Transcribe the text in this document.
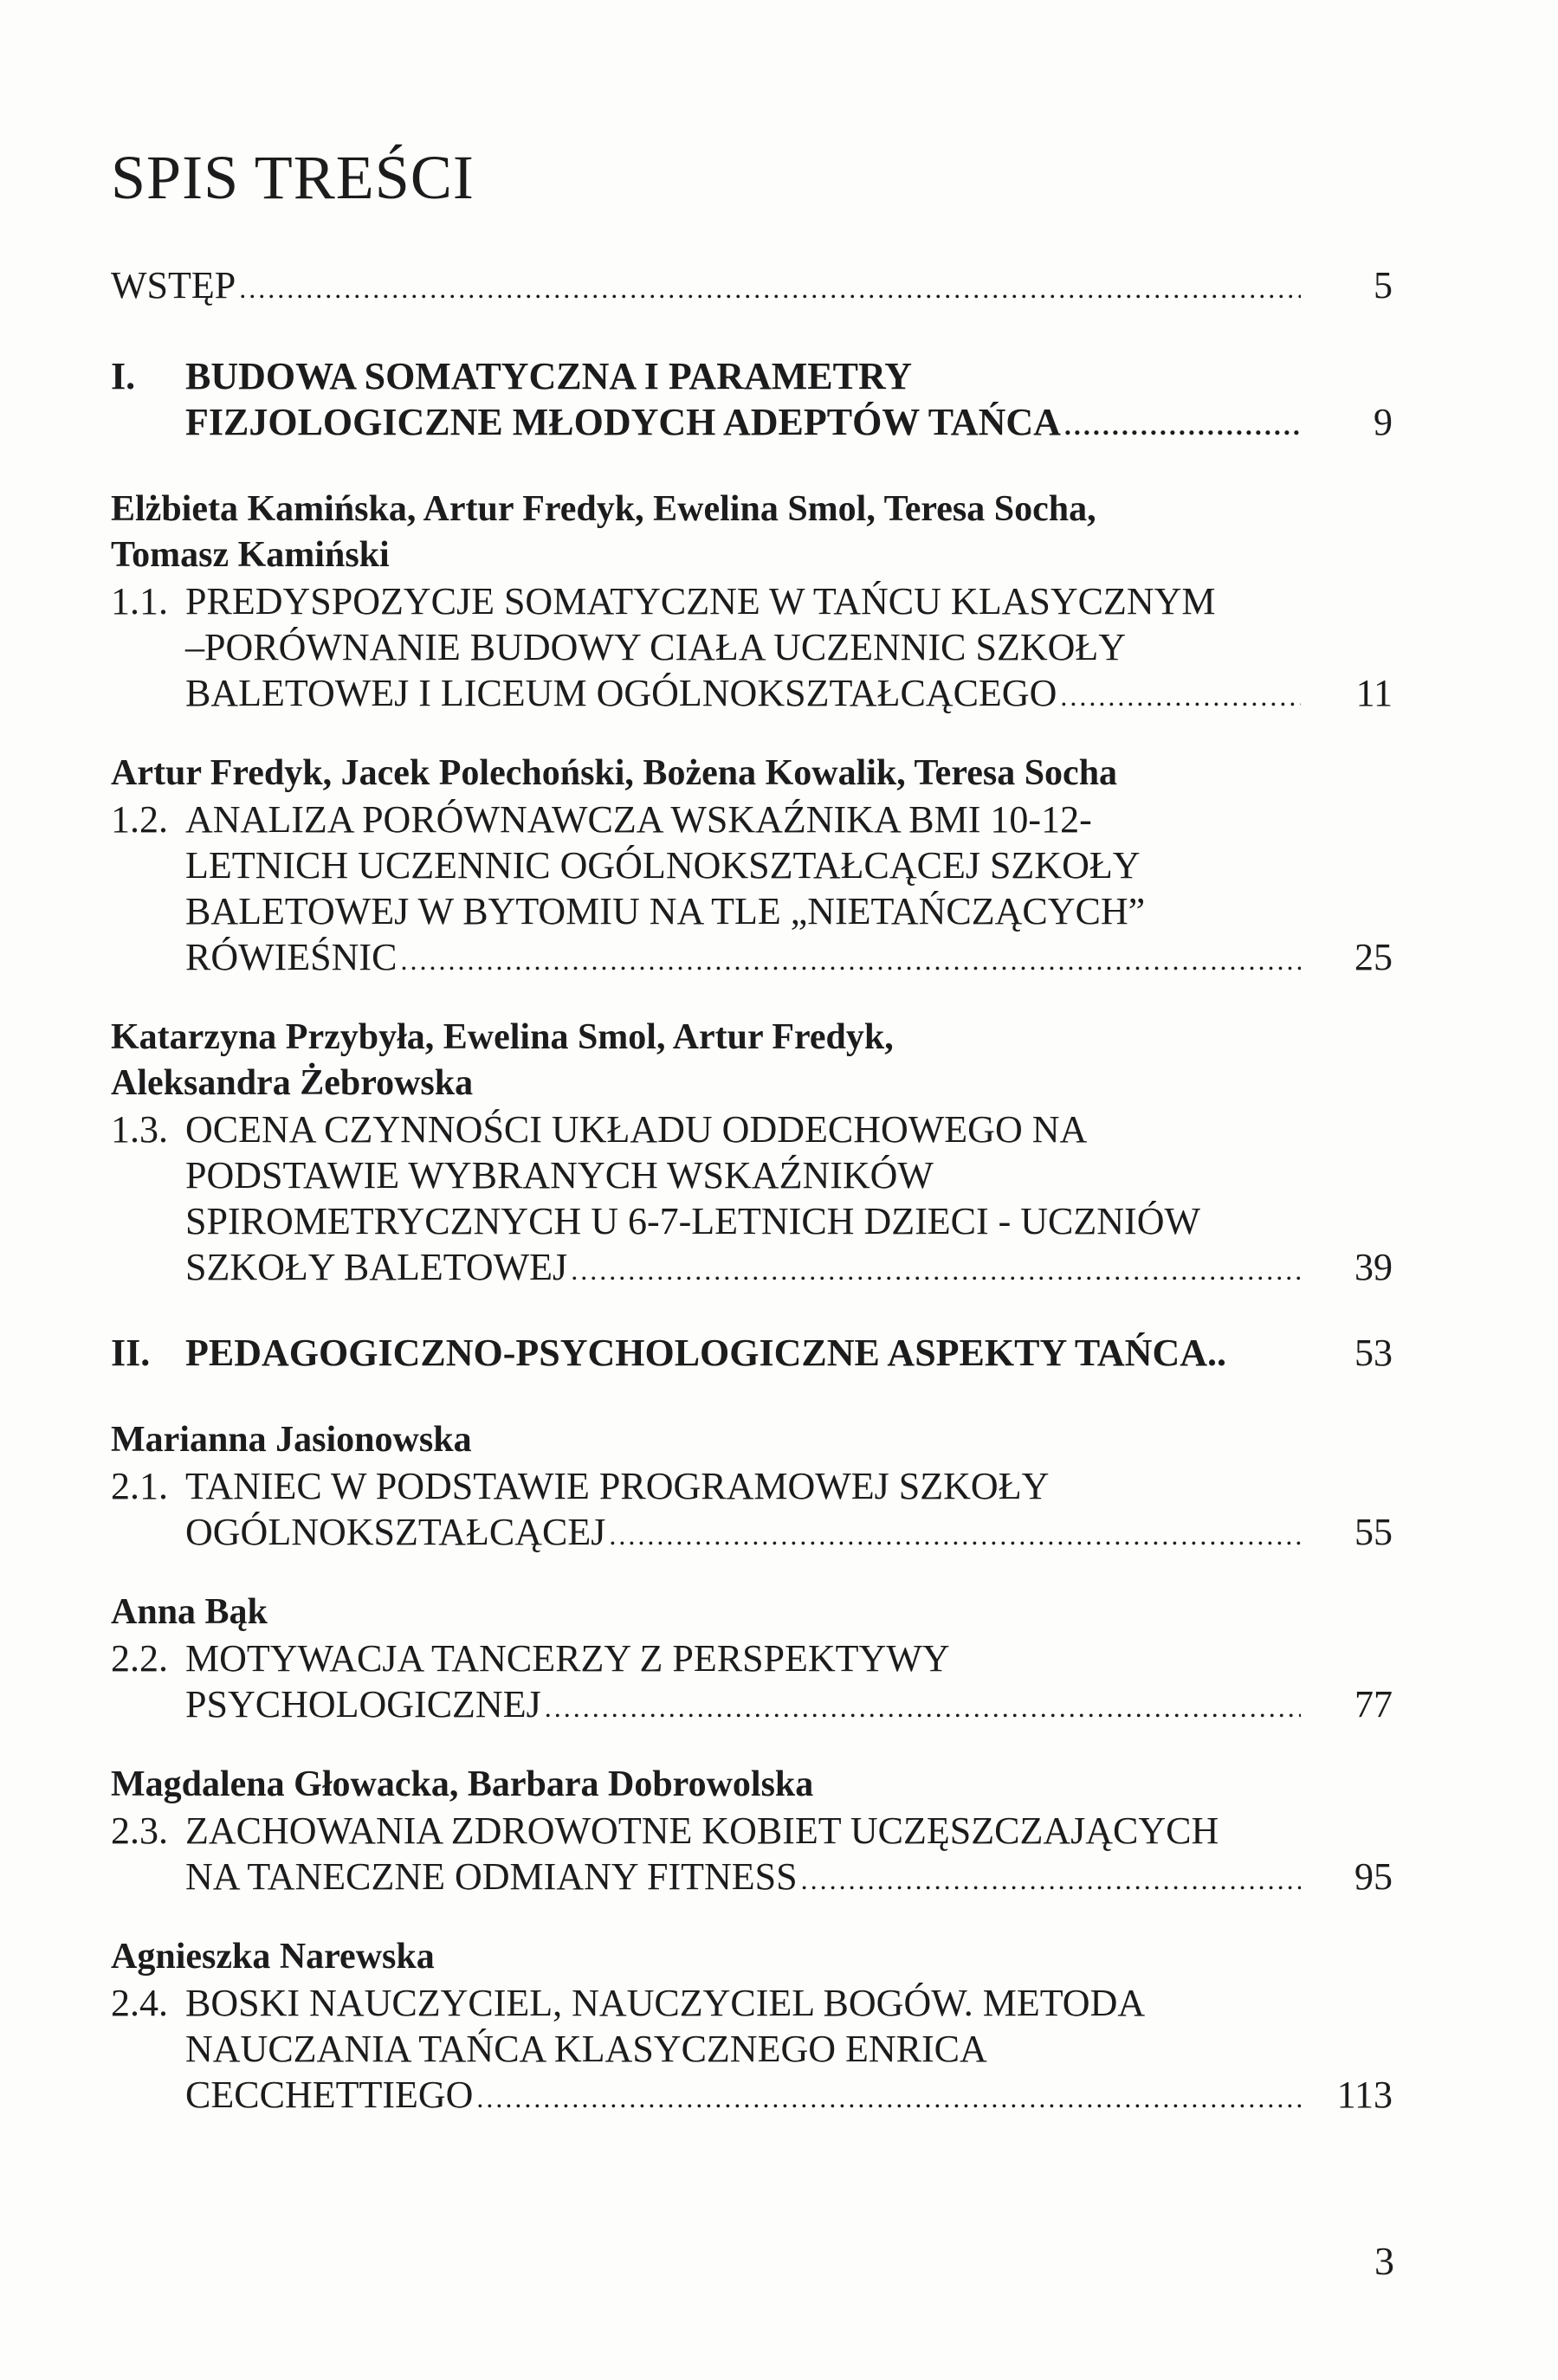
SPIS TREŚCI
WSTĘP .....	5
I.	BUDOWA SOMATYCZNA I PARAMETRY
FIZJOLOGICZNE MŁODYCH ADEPTÓW TAŃCA .....	9
Elżbieta Kamińska, Artur Fredyk, Ewelina Smol, Teresa Socha,
Tomasz Kamiński
1.1. PREDYSPOZYCJE SOMATYCZNE W TAŃCU KLASYCZNYM
–PORÓWNANIE BUDOWY CIAŁA UCZENNIC SZKOŁY
BALETOWEJ I LICEUM OGÓLNOKSZTAŁCĄCEGO .....	11
Artur Fredyk, Jacek Polechoński, Bożena Kowalik, Teresa Socha
1.2. ANALIZA PORÓWNAWCZA WSKAŹNIKA BMI 10-12-
LETNICH UCZENNIC OGÓLNOKSZTAŁCĄCEJ SZKOŁY
BALETOWEJ W BYTOMIU NA TLE „NIETAŃCZĄCYCH”
RÓWIEŚNIC .....	25
Katarzyna Przybyła, Ewelina Smol, Artur Fredyk,
Aleksandra Żebrowska
1.3. OCENA CZYNNOŚCI UKŁADU ODDECHOWEGO NA
PODSTAWIE WYBRANYCH WSKAŹNIKÓW
SPIROMETRYCZNYCH U 6-7-LETNICH DZIECI - UCZNIÓW
SZKOŁY BALETOWEJ .....	39
II. PEDAGOGICZNO-PSYCHOLOGICZNE ASPEKTY TAŃCA..	53
Marianna Jasionowska
2.1. TANIEC W PODSTAWIE PROGRAMOWEJ SZKOŁY
OGÓLNOKSZTAŁCĄCEJ .....	55
Anna Bąk
2.2. MOTYWACJA TANCERZY Z PERSPEKTYWY
PSYCHOLOGICZNEJ .....	77
Magdalena Głowacka, Barbara Dobrowolska
2.3. ZACHOWANIA ZDROWOTNE KOBIET UCZĘSZCZAJĄCYCH
NA TANECZNE ODMIANY FITNESS .....	95
Agnieszka Narewska
2.4. BOSKI NAUCZYCIEL, NAUCZYCIEL BOGÓW. METODA
NAUCZANIA TAŃCA KLASYCZNEGO ENRICA
CECCHETTIEGO .....	113
3
